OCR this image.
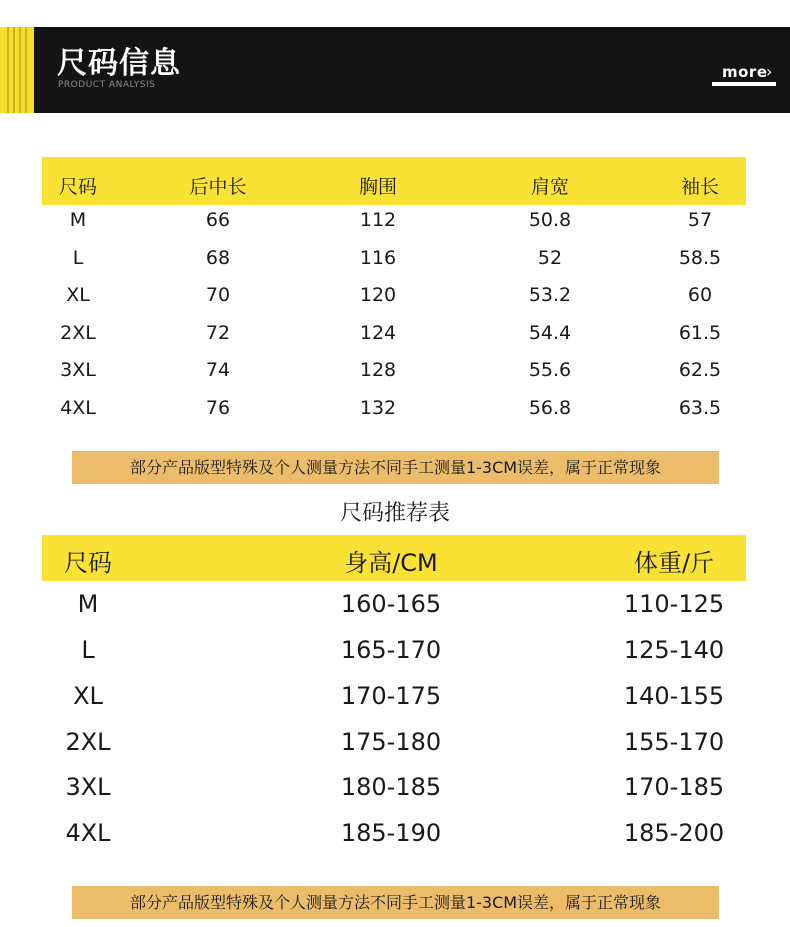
尺码信息
PRODUCT ANALYSIS
more
›
尺码	后中长	胸围	肩宽	袖长
M	66	112	50.8	57
L	68	116	52	58.5
XL	70	120	53.2	60
2XL	72	124	54.4	61.5
3XL	74	128	55.6	62.5
4XL	76	132	56.8	63.5
部分产品版型特殊及个人测量方法不同手工测量1-3CM误差，属于正常现象
尺码推荐表
尺码	身高/CM	体重/斤
M	160-165	110-125
L	165-170	125-140
XL	170-175	140-155
2XL	175-180	155-170
3XL	180-185	170-185
4XL	185-190	185-200
部分产品版型特殊及个人测量方法不同手工测量1-3CM误差，属于正常现象
